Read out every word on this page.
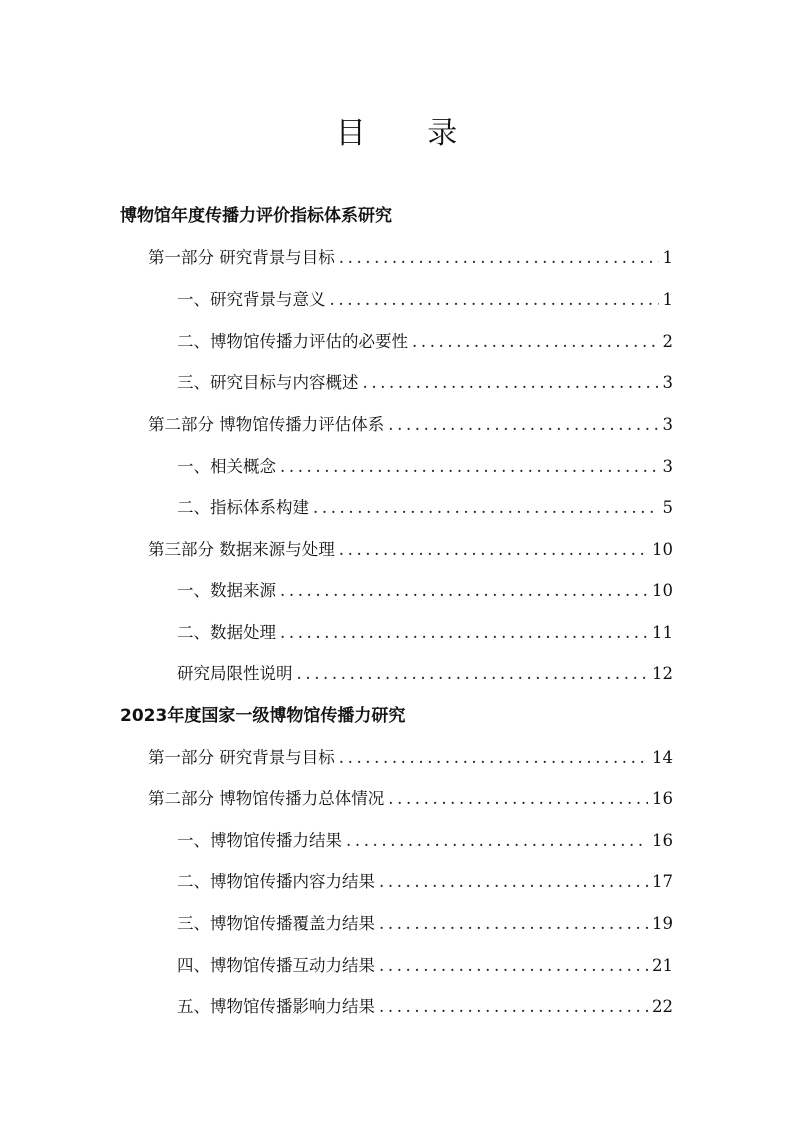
目 录
博物馆年度传播力评价指标体系研究
第一部分 研究背景与目标 .....	1
一、研究背景与意义 .....	1
二、博物馆传播力评估的必要性 .....	2
三、研究目标与内容概述 .....	3
第二部分 博物馆传播力评估体系 .....	3
一、相关概念 .....	3
二、指标体系构建 .....	5
第三部分 数据来源与处理 .....	10
一、数据来源 .....	10
二、数据处理 .....	11
研究局限性说明 .....	12
2023年度国家一级博物馆传播力研究
第一部分 研究背景与目标 .....	14
第二部分 博物馆传播力总体情况 .....	16
一、博物馆传播力结果 .....	16
二、博物馆传播内容力结果 .....	17
三、博物馆传播覆盖力结果 .....	19
四、博物馆传播互动力结果 .....	21
五、博物馆传播影响力结果 .....	22
